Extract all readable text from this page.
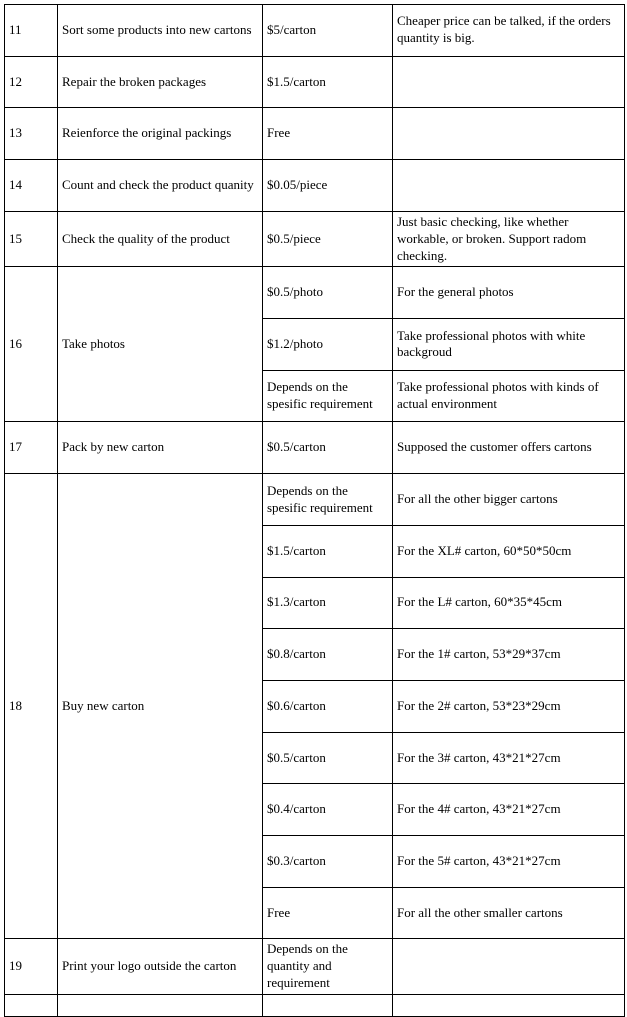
11	Sort some products into new cartons	$5/carton	Cheaper price can be talked, if the orders quantity is big.
12	Repair the broken packages	$1.5/carton	
13	Reienforce the original packings	Free	
14	Count and check the product quanity	$0.05/piece	
15	Check the quality of the product	$0.5/piece	Just basic checking, like whether workable, or broken. Support radom checking.
16	Take photos	$0.5/photo	For the general photos
		$1.2/photo	Take professional photos with white backgroud
		Depends on the spesific requirement	Take professional photos with kinds of actual environment
17	Pack by new carton	$0.5/carton	Supposed the customer offers cartons
18	Buy new carton	Depends on the spesific requirement	For all the other bigger cartons
		$1.5/carton	For the XL# carton, 60*50*50cm
		$1.3/carton	For the L# carton, 60*35*45cm
		$0.8/carton	For the 1# carton, 53*29*37cm
		$0.6/carton	For the 2# carton, 53*23*29cm
		$0.5/carton	For the 3# carton, 43*21*27cm
		$0.4/carton	For the 4# carton, 43*21*27cm
		$0.3/carton	For the 5# carton, 43*21*27cm
		Free	For all the other smaller cartons
19	Print your logo outside the carton	Depends on the quantity and requirement	
